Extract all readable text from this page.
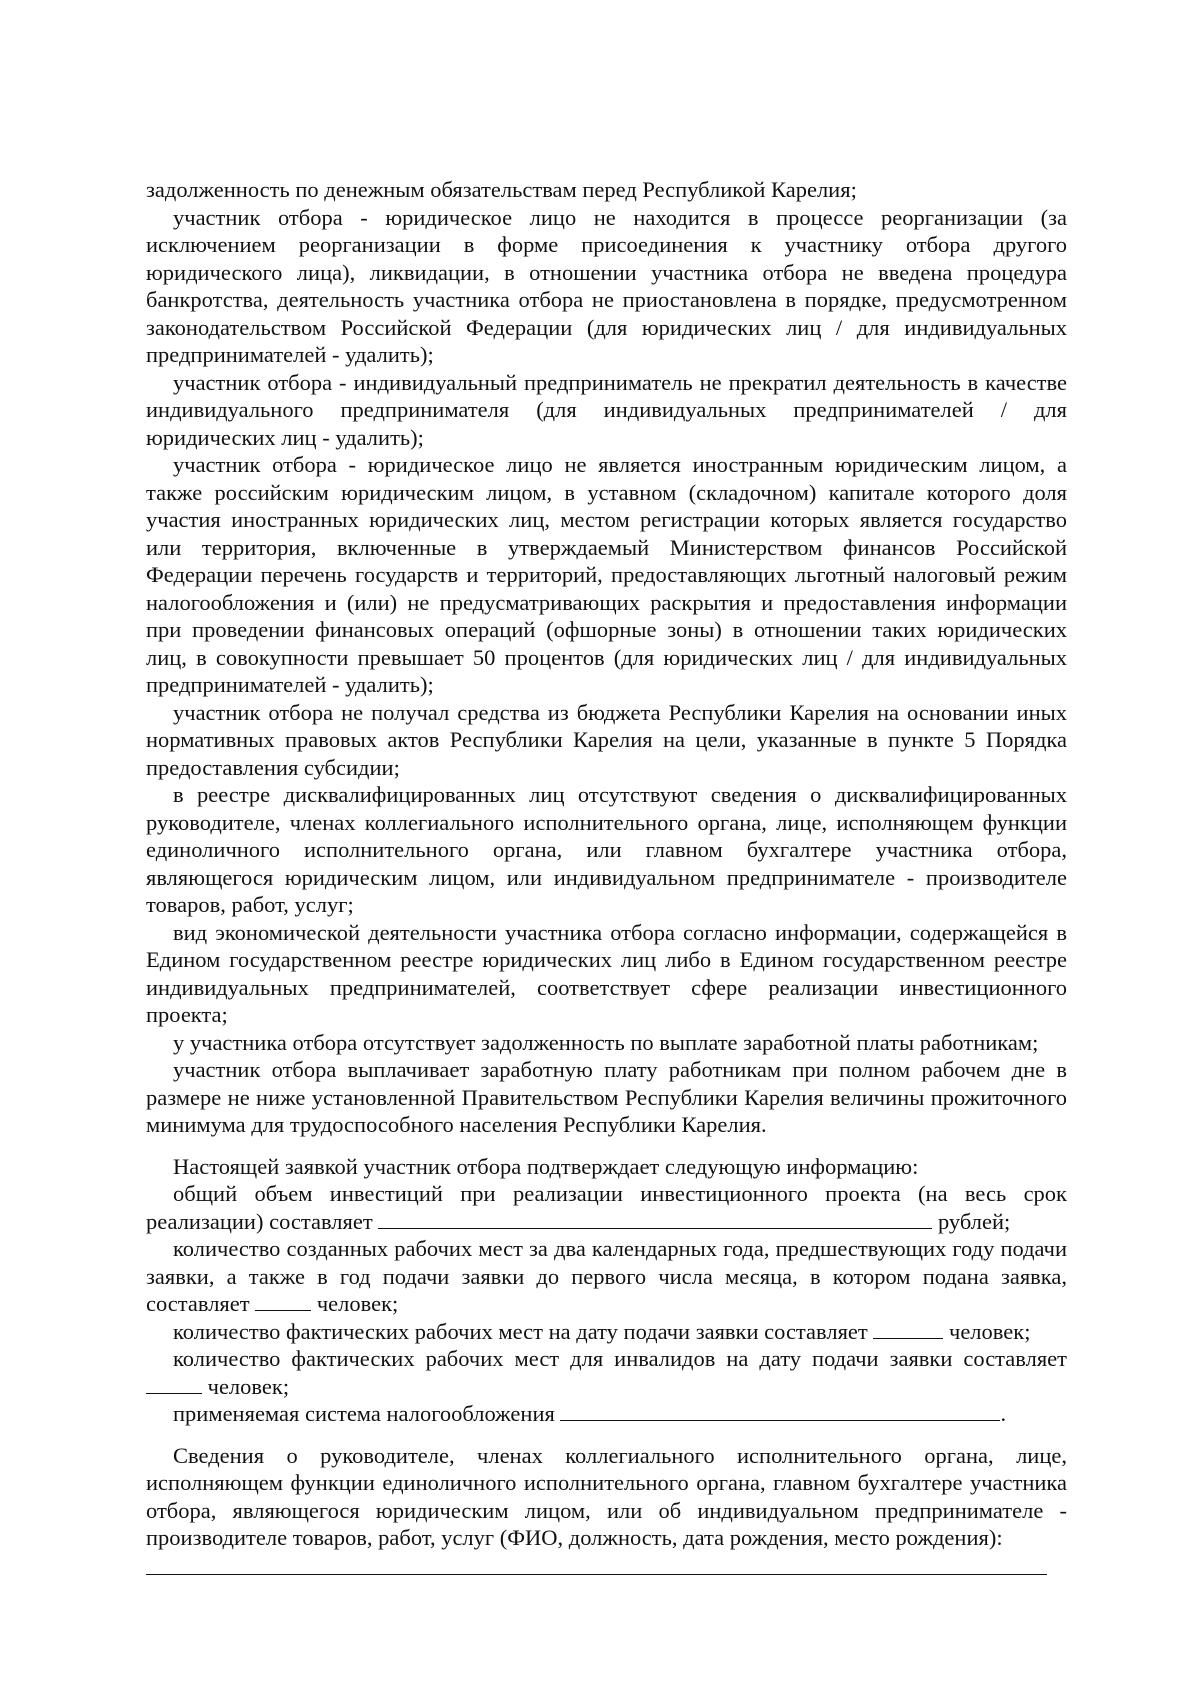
задолженность по денежным обязательствам перед Республикой Карелия;

участник отбора - юридическое лицо не находится в процессе реорганизации (за исключением реорганизации в форме присоединения к участнику отбора другого юридического лица), ликвидации, в отношении участника отбора не введена процедура банкротства, деятельность участника отбора не приостановлена в порядке, предусмотренном законодательством Российской Федерации (для юридических лиц / для индивидуальных предпринимателей - удалить);

участник отбора - индивидуальный предприниматель не прекратил деятельность в качестве индивидуального предпринимателя (для индивидуальных предпринимателей / для юридических лиц - удалить);

участник отбора - юридическое лицо не является иностранным юридическим лицом, а также российским юридическим лицом, в уставном (складочном) капитале которого доля участия иностранных юридических лиц, местом регистрации которых является государство или территория, включенные в утверждаемый Министерством финансов Российской Федерации перечень государств и территорий, предоставляющих льготный налоговый режим налогообложения и (или) не предусматривающих раскрытия и предоставления информации при проведении финансовых операций (офшорные зоны) в отношении таких юридических лиц, в совокупности превышает 50 процентов (для юридических лиц / для индивидуальных предпринимателей - удалить);

участник отбора не получал средства из бюджета Республики Карелия на основании иных нормативных правовых актов Республики Карелия на цели, указанные в пункте 5 Порядка предоставления субсидии;

в реестре дисквалифицированных лиц отсутствуют сведения о дисквалифицированных руководителе, членах коллегиального исполнительного органа, лице, исполняющем функции единоличного исполнительного органа, или главном бухгалтере участника отбора, являющегося юридическим лицом, или индивидуальном предпринимателе - производителе товаров, работ, услуг;

вид экономической деятельности участника отбора согласно информации, содержащейся в Едином государственном реестре юридических лиц либо в Едином государственном реестре индивидуальных предпринимателей, соответствует сфере реализации инвестиционного проекта;

у участника отбора отсутствует задолженность по выплате заработной платы работникам;

участник отбора выплачивает заработную плату работникам при полном рабочем дне в размере не ниже установленной Правительством Республики Карелия величины прожиточного минимума для трудоспособного населения Республики Карелия.

Настоящей заявкой участник отбора подтверждает следующую информацию:

общий объем инвестиций при реализации инвестиционного проекта (на весь срок реализации) составляет	рублей;

количество созданных рабочих мест за два календарных года, предшествующих году подачи заявки, а также в год подачи заявки до первого числа месяца, в котором подана заявка, составляет  человек;

количество фактических рабочих мест на дату подачи заявки составляет	человек;

количество фактических рабочих мест для инвалидов на дату подачи заявки составляет  человек;

применяемая система налогообложения	.

Сведения о руководителе, членах коллегиального исполнительного органа, лице, исполняющем функции единоличного исполнительного органа, главном бухгалтере участника отбора, являющегося юридическим лицом, или об индивидуальном предпринимателе - производителе товаров, работ, услуг (ФИО, должность, дата рождения, место рождения):
